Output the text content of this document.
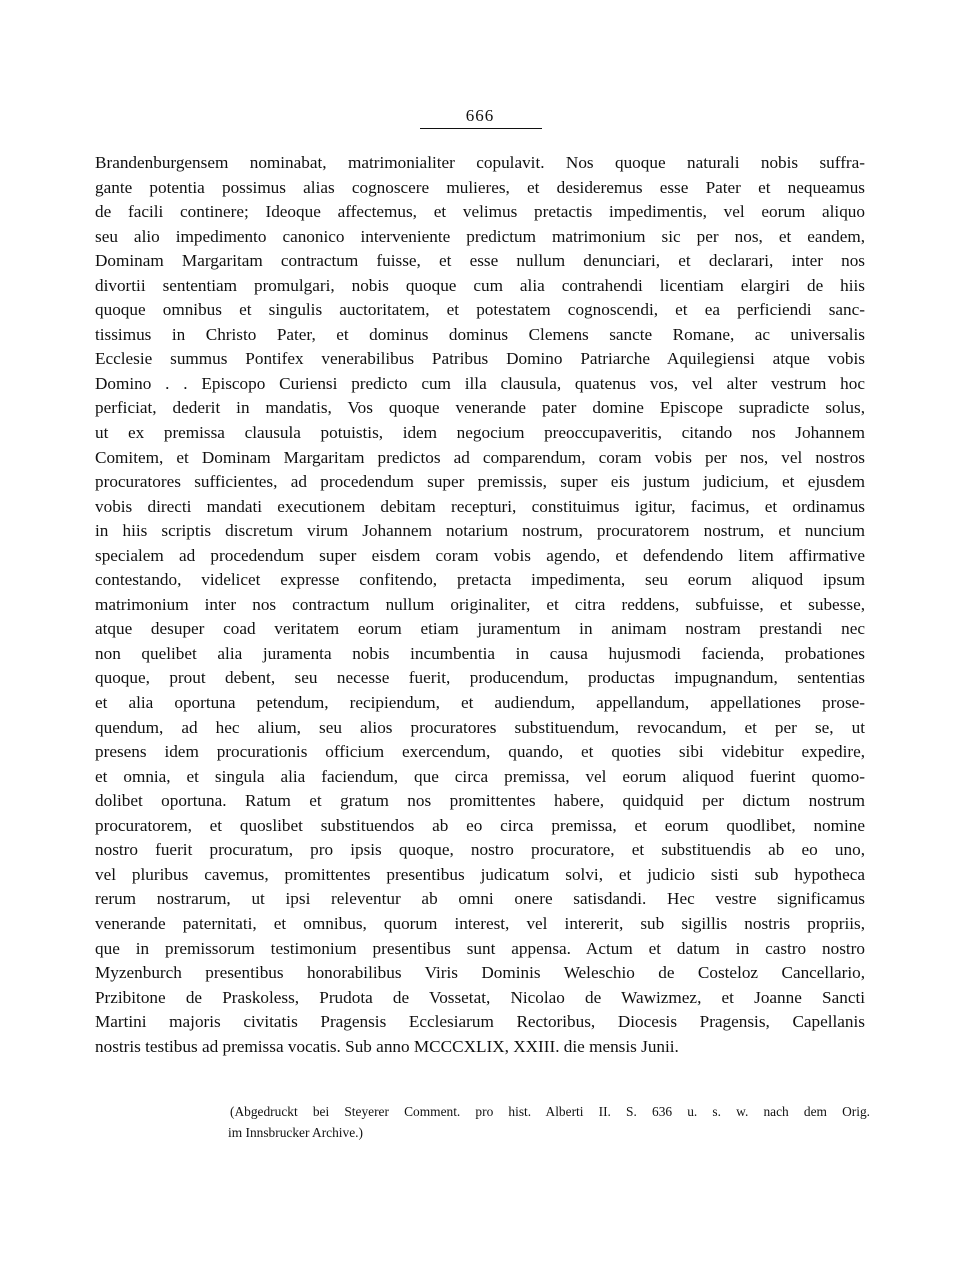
666
Brandenburgensem nominabat, matrimonialiter copulavit. Nos quoque naturali nobis suffra-
gante potentia possimus alias cognoscere mulieres, et desideremus esse Pater et nequeamus
de facili continere; Ideoque affectemus, et velimus pretactis impedimentis, vel eorum aliquo
seu alio impedimento canonico interveniente predictum matrimonium sic per nos, et eandem,
Dominam Margaritam contractum fuisse, et esse nullum denunciari, et declarari, inter nos
divortii sententiam promulgari, nobis quoque cum alia contrahendi licentiam elargiri de hiis
quoque omnibus et singulis auctoritatem, et potestatem cognoscendi, et ea perficiendi sanc-
tissimus in Christo Pater, et dominus dominus Clemens sancte Romane, ac universalis
Ecclesie summus Pontifex venerabilibus Patribus Domino Patriarche Aquilegiensi atque vobis
Domino . . Episcopo Curiensi predicto cum illa clausula, quatenus vos, vel alter vestrum hoc
perficiat, dederit in mandatis, Vos quoque venerande pater domine Episcope supradicte solus,
ut ex premissa clausula potuistis, idem negocium preoccupaveritis, citando nos Johannem
Comitem, et Dominam Margaritam predictos ad comparendum, coram vobis per nos, vel nostros
procuratores sufficientes, ad procedendum super premissis, super eis justum judicium, et ejusdem
vobis directi mandati executionem debitam recepturi, constituimus igitur, facimus, et ordinamus
in hiis scriptis discretum virum Johannem notarium nostrum, procuratorem nostrum, et nuncium
specialem ad procedendum super eisdem coram vobis agendo, et defendendo litem affirmative
contestando, videlicet expresse confitendo, pretacta impedimenta, seu eorum aliquod ipsum
matrimonium inter nos contractum nullum originaliter, et citra reddens, subfuisse, et subesse,
atque desuper coad veritatem eorum etiam juramentum in animam nostram prestandi nec
non quelibet alia juramenta nobis incumbentia in causa hujusmodi facienda, probationes
quoque, prout debent, seu necesse fuerit, producendum, productas impugnandum, sententias
et alia oportuna petendum, recipiendum, et audiendum, appellandum, appellationes prose-
quendum, ad hec alium, seu alios procuratores substituendum, revocandum, et per se, ut
presens idem procurationis officium exercendum, quando, et quoties sibi videbitur expedire,
et omnia, et singula alia faciendum, que circa premissa, vel eorum aliquod fuerint quomo-
dolibet oportuna. Ratum et gratum nos promittentes habere, quidquid per dictum nostrum
procuratorem, et quoslibet substituendos ab eo circa premissa, et eorum quodlibet, nomine
nostro fuerit procuratum, pro ipsis quoque, nostro procuratore, et substituendis ab eo uno,
vel pluribus cavemus, promittentes presentibus judicatum solvi, et judicio sisti sub hypotheca
rerum nostrarum, ut ipsi releventur ab omni onere satisdandi. Hec vestre significamus
venerande paternitati, et omnibus, quorum interest, vel intererit, sub sigillis nostris propriis,
que in premissorum testimonium presentibus sunt appensa. Actum et datum in castro nostro
Myzenburch presentibus honorabilibus Viris Dominis Weleschio de Costeloz Cancellario,
Przibitone de Praskoless, Prudota de Vossetat, Nicolao de Wawizmez, et Joanne Sancti
Martini majoris civitatis Pragensis Ecclesiarum Rectoribus, Diocesis Pragensis, Capellanis
nostris testibus ad premissa vocatis. Sub anno MCCCXLIX, XXIII. die mensis Junii.
(Abgedruckt bei Steyerer Comment. pro hist. Alberti II. S. 636 u. s. w. nach dem Orig.
im Innsbrucker Archive.)
